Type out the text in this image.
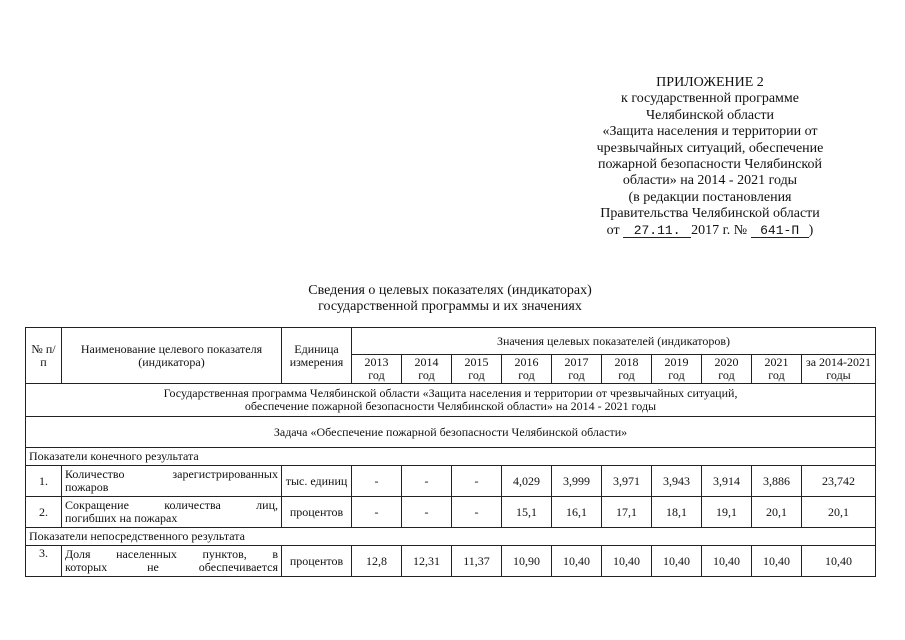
ПРИЛОЖЕНИЕ 2
к государственной программе
Челябинской области
«Защита населения и территории от
чрезвычайных ситуаций, обеспечение
пожарной безопасности Челябинской
области» на 2014 - 2021 годы
(в редакции постановления
Правительства Челябинской области
от 27.11. 2017 г. № 641-П )
Сведения о целевых показателях (индикаторах)
государственной программы и их значениях
№ п/п	Наименование целевого показателя (индикатора)	Единица измерения	Значения целевых показателей (индикаторов)									
			2013 год	2014 год	2015 год	2016 год	2017 год	2018 год	2019 год	2020 год	2021 год	за 2014-2021 годы

Государственная программа Челябинской области «Защита населения и территории от чрезвычайных ситуаций,
обеспечение пожарной безопасности Челябинской области» на 2014 - 2021 годы												

Задача «Обеспечение пожарной безопасности Челябинской области»												
Показатели конечного результата												
1.	Количество зарегистрированных
пожаров	тыс. единиц	-	-	-	4,029	3,999	3,971	3,943	3,914	3,886	23,742
2.	Сокращение количества лиц,
погибших на пожарах	процентов	-	-	-	15,1	16,1	17,1	18,1	19,1	20,1	20,1
Показатели непосредственного результата												
3.	Доля населенных пунктов, в
которых не обеспечивается	процентов	12,8	12,31	11,37	10,90	10,40	10,40	10,40	10,40	10,40	10,40
